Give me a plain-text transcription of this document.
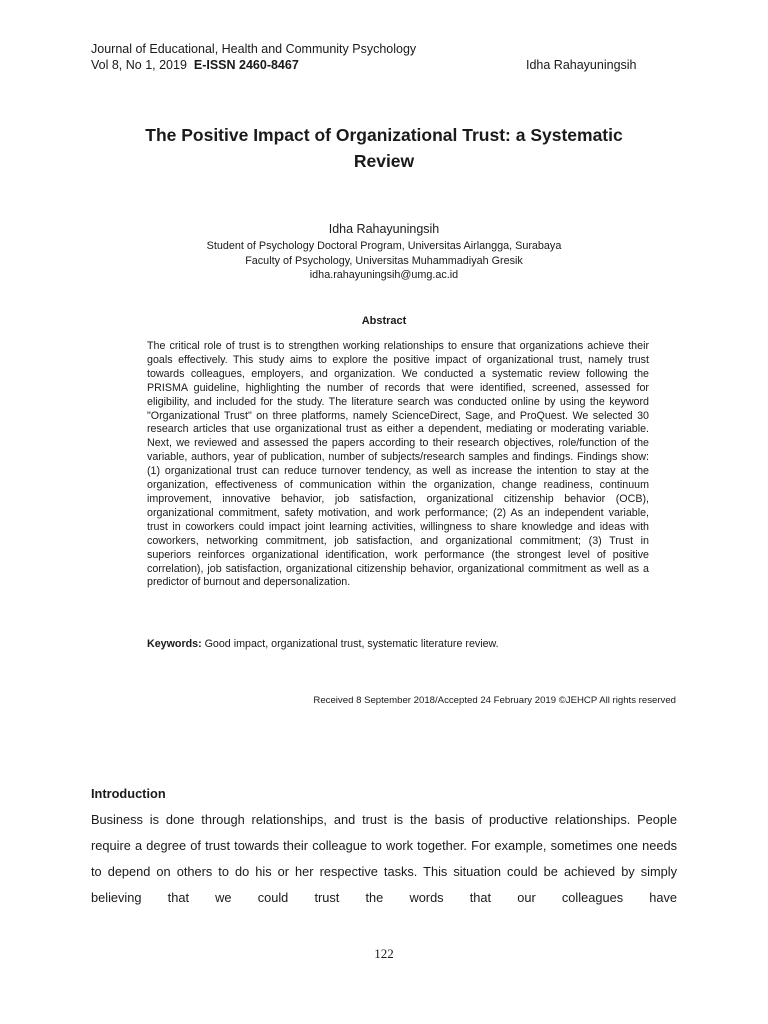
Journal of Educational, Health and Community Psychology
Vol 8, No 1, 2019 E-ISSN 2460-8467	Idha Rahayuningsih
The Positive Impact of Organizational Trust: a Systematic
Review
Idha Rahayuningsih
Student of Psychology Doctoral Program, Universitas Airlangga, Surabaya
Faculty of Psychology, Universitas Muhammadiyah Gresik
idha.rahayuningsih@umg.ac.id
Abstract
The critical role of trust is to strengthen working relationships to ensure that organizations achieve their goals effectively. This study aims to explore the positive impact of organizational trust, namely trust towards colleagues, employers, and organization. We conducted a systematic review following the PRISMA guideline, highlighting the number of records that were identified, screened, assessed for eligibility, and included for the study. The literature search was conducted online by using the keyword "Organizational Trust" on three platforms, namely ScienceDirect, Sage, and ProQuest. We selected 30 research articles that use organizational trust as either a dependent, mediating or moderating variable. Next, we reviewed and assessed the papers according to their research objectives, role/function of the variable, authors, year of publication, number of subjects/research samples and findings. Findings show: (1) organizational trust can reduce turnover tendency, as well as increase the intention to stay at the organization, effectiveness of communication within the organization, change readiness, continuum improvement, innovative behavior, job satisfaction, organizational citizenship behavior (OCB), organizational commitment, safety motivation, and work performance; (2) As an independent variable, trust in coworkers could impact joint learning activities, willingness to share knowledge and ideas with coworkers, networking commitment, job satisfaction, and organizational commitment; (3) Trust in superiors reinforces organizational identification, work performance (the strongest level of positive correlation), job satisfaction, organizational citizenship behavior, organizational commitment as well as a predictor of burnout and depersonalization.
Keywords: Good impact, organizational trust, systematic literature review.
Received 8 September 2018/Accepted 24 February 2019 ©JEHCP All rights reserved
Introduction
Business is done through relationships, and trust is the basis of productive relationships. People require a degree of trust towards their colleague to work together. For example, sometimes one needs to depend on others to do his or her respective tasks. This situation could be achieved by simply believing that we could trust the words that our colleagues have
122
